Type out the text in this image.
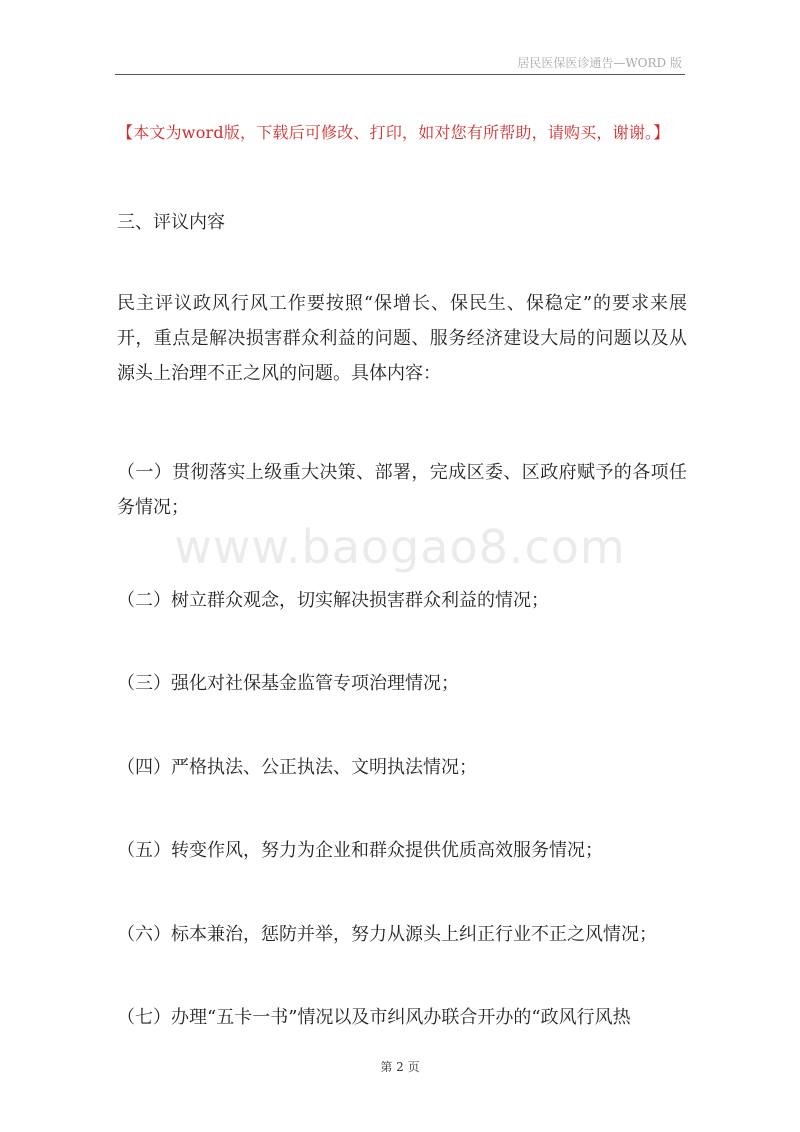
居民医保医诊通告—WORD 版
【本文为word版，下载后可修改、打印，如对您有所帮助，请购买，谢谢。】
www.baogao8.com
三、评议内容
民主评议政风行风工作要按照“保增长、保民生、保稳定”的要求来展开，重点是解决损害群众利益的问题、服务经济建设大局的问题以及从源头上治理不正之风的问题。具体内容：
（一）贯彻落实上级重大决策、部署，完成区委、区政府赋予的各项任务情况；
（二）树立群众观念，切实解决损害群众利益的情况；
（三）强化对社保基金监管专项治理情况；
（四）严格执法、公正执法、文明执法情况；
（五）转变作风，努力为企业和群众提供优质高效服务情况；
（六）标本兼治，惩防并举，努力从源头上纠正行业不正之风情况；
（七）办理“五卡一书”情况以及市纠风办联合开办的“政风行风热
第 2 页
